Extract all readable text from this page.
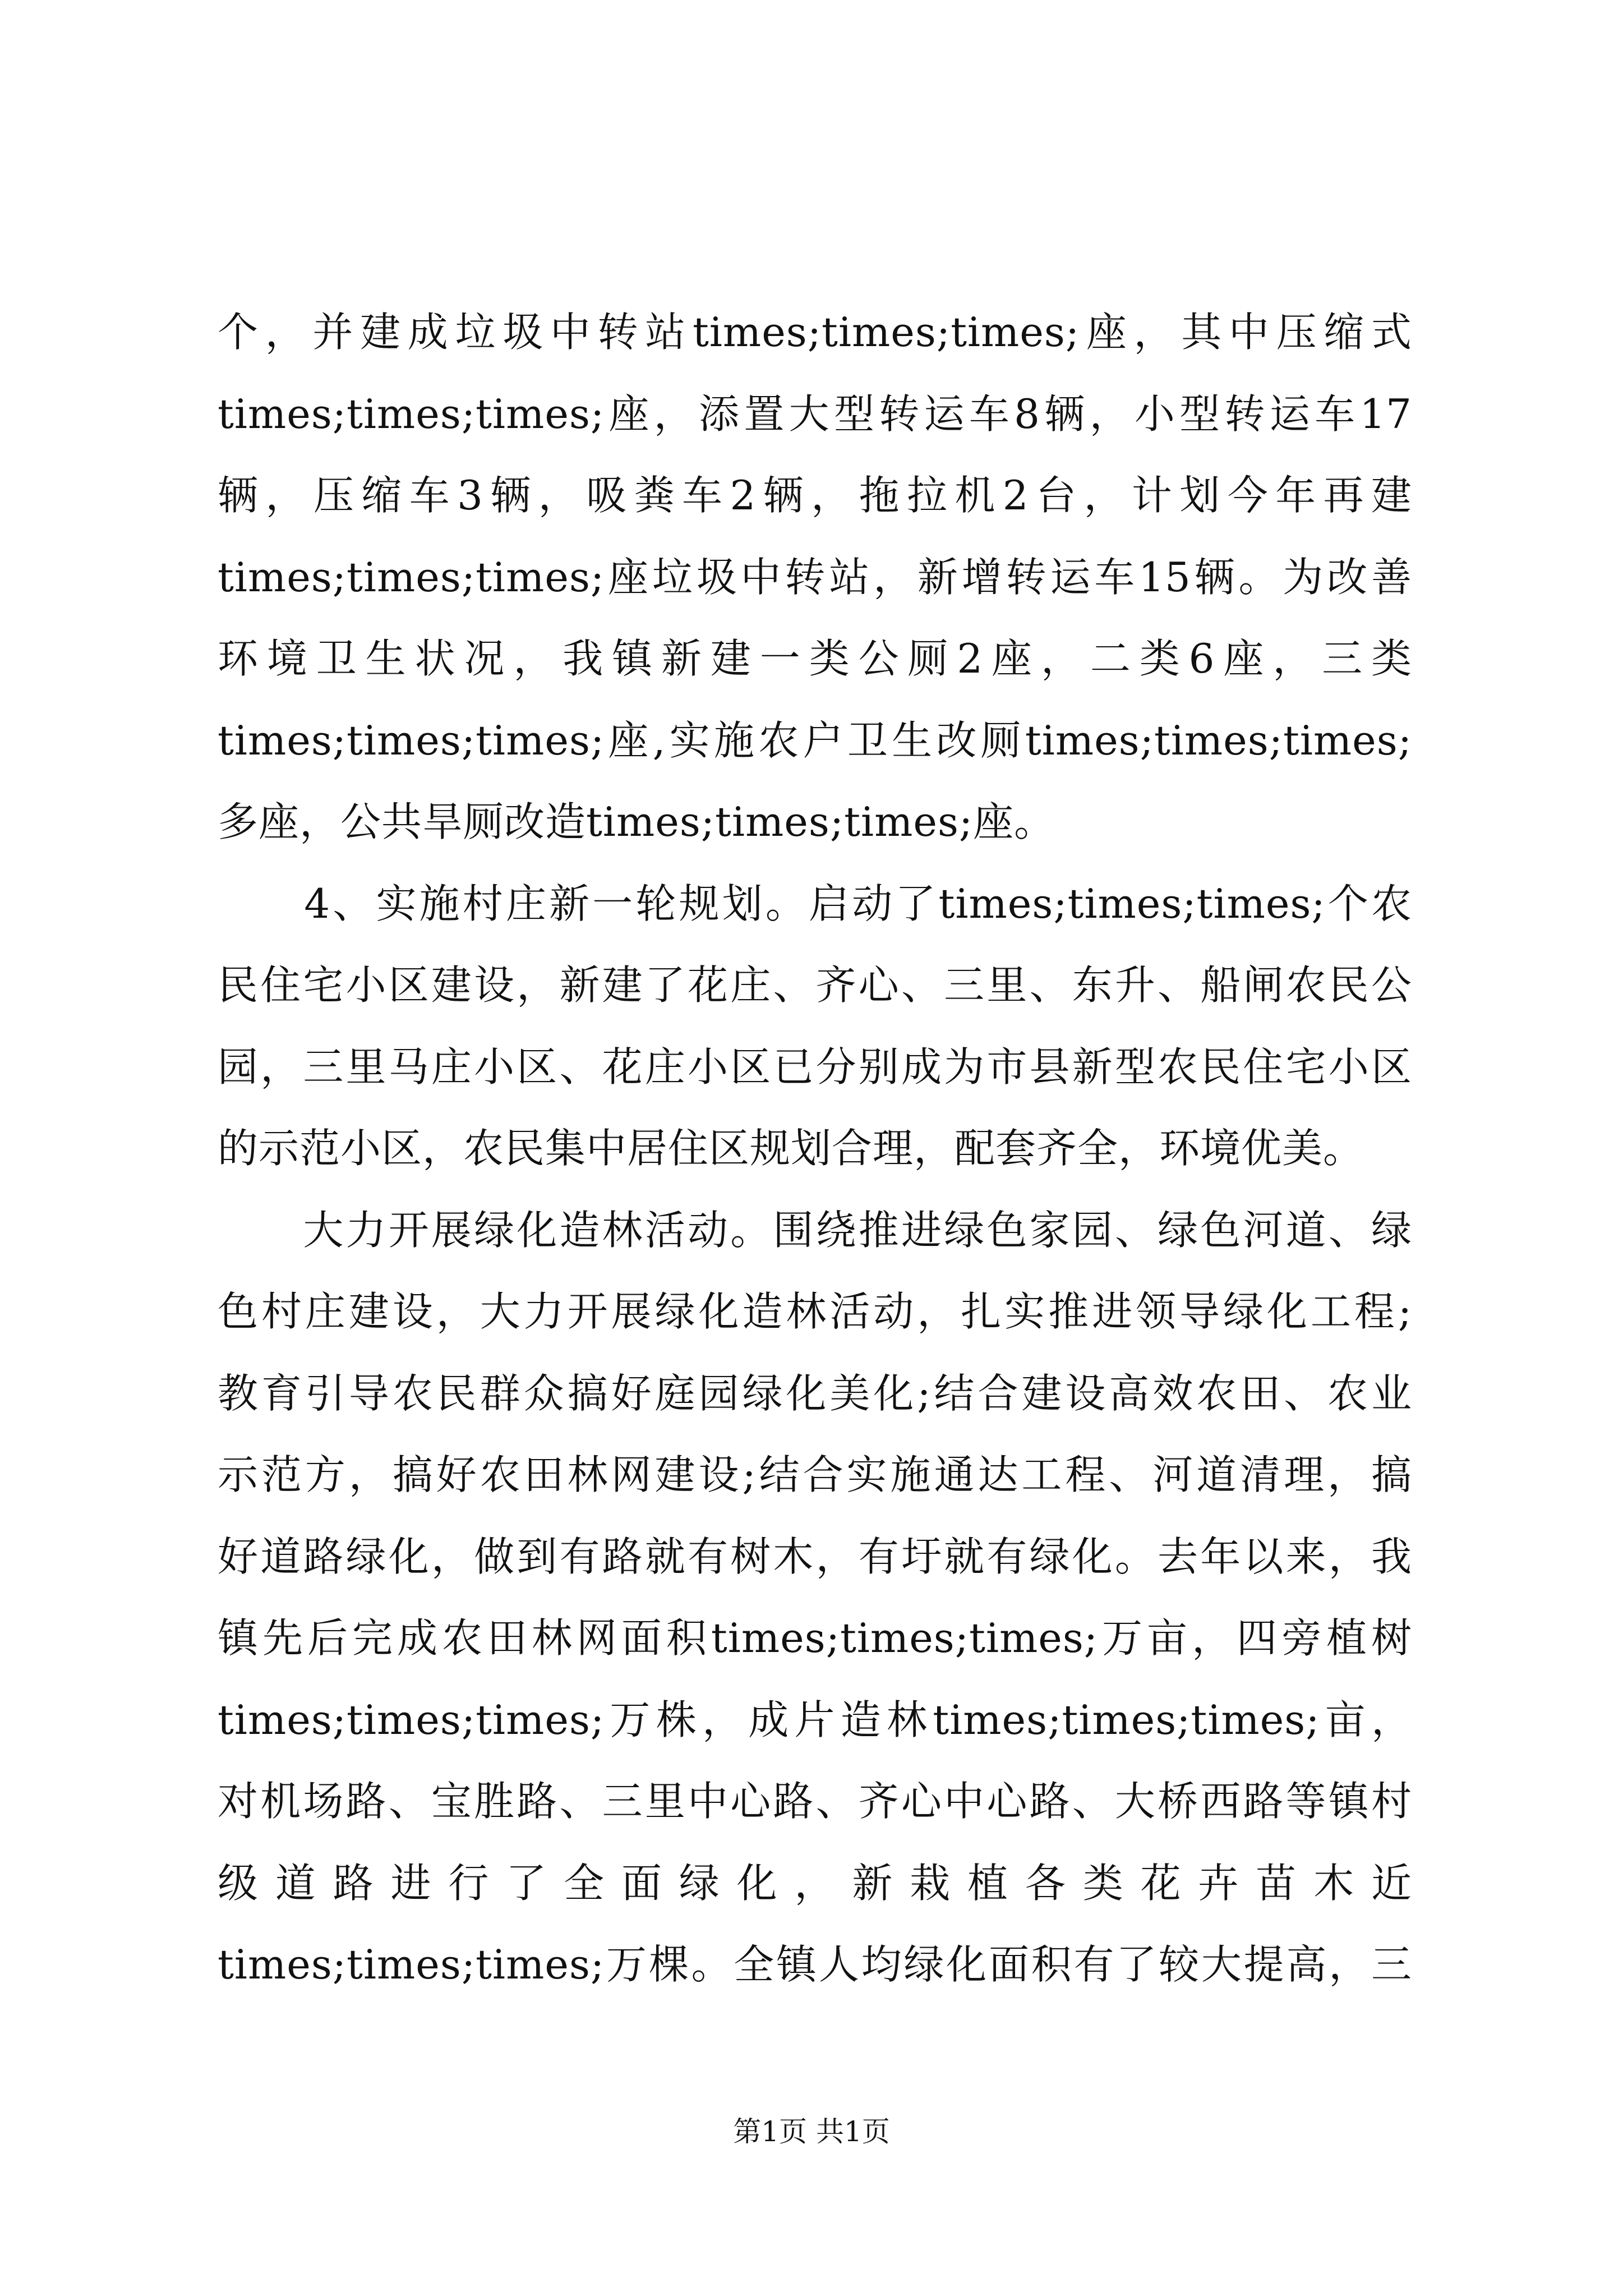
个，并建成垃圾中转站times;times;times;座，其中压缩式
times;times;times;座，添置大型转运车8辆，小型转运车17
辆，压缩车3辆，吸粪车2辆，拖拉机2台，计划今年再建
times;times;times;座垃圾中转站，新增转运车15辆。为改善
环境卫生状况，我镇新建一类公厕2座，二类6座，三类
times;times;times;座,实施农户卫生改厕times;times;times;
多座，公共旱厕改造times;times;times;座。
　　4、实施村庄新一轮规划。启动了times;times;times;个农
民住宅小区建设，新建了花庄、齐心、三里、东升、船闸农民公
园，三里马庄小区、花庄小区已分别成为市县新型农民住宅小区
的示范小区，农民集中居住区规划合理，配套齐全，环境优美。
　　大力开展绿化造林活动。围绕推进绿色家园、绿色河道、绿
色村庄建设，大力开展绿化造林活动，扎实推进领导绿化工程;
教育引导农民群众搞好庭园绿化美化;结合建设高效农田、农业
示范方，搞好农田林网建设;结合实施通达工程、河道清理，搞
好道路绿化，做到有路就有树木，有圩就有绿化。去年以来，我
镇先后完成农田林网面积times;times;times;万亩，四旁植树
times;times;times;万株，成片造林times;times;times;亩，
对机场路、宝胜路、三里中心路、齐心中心路、大桥西路等镇村
级道路进行了全面绿化，新栽植各类花卉苗木近
times;times;times;万棵。全镇人均绿化面积有了较大提高，三
第1页 共1页
